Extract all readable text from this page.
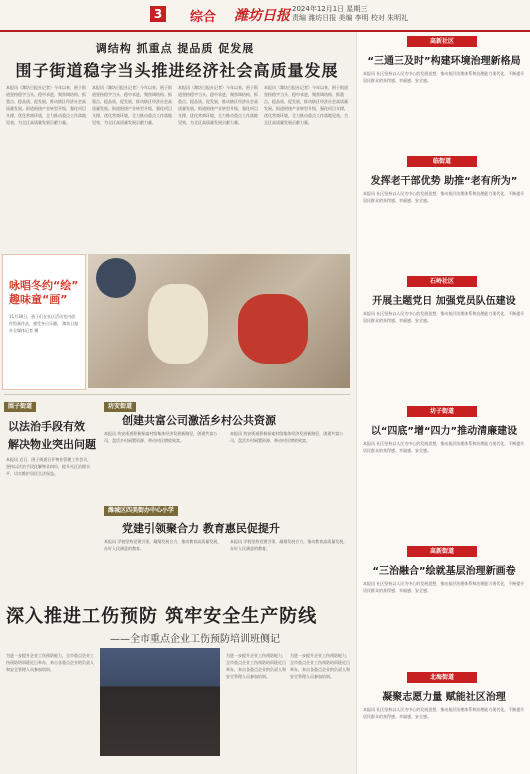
3 综合 潍坊日报 2024年12月1日 星期三
责编 潍坊日报 美编 李明 校对 朱明礼
调结构 抓重点 提品质 促发展
围子街道稳字当头推进经济社会高质量发展
本报讯（潍坊日报社记者）今年以来，围子街道坚持稳字当头、稳中求进，聚焦调结构、抓重点、提品质、促发展，推动辖区经济社会高质量发展。街道围绕产业转型升级，强化项目支撑，优化营商环境，全力推动重点工作落地见效，为全区高质量发展贡献力量。
本报讯（潍坊日报社记者）今年以来，围子街道坚持稳字当头、稳中求进，聚焦调结构、抓重点、提品质、促发展，推动辖区经济社会高质量发展。街道围绕产业转型升级，强化项目支撑，优化营商环境，全力推动重点工作落地见效，为全区高质量发展贡献力量。
本报讯（潍坊日报社记者）今年以来，围子街道坚持稳字当头、稳中求进，聚焦调结构、抓重点、提品质、促发展，推动辖区经济社会高质量发展。街道围绕产业转型升级，强化项目支撑，优化营商环境，全力推动重点工作落地见效，为全区高质量发展贡献力量。
本报讯（潍坊日报社记者）今年以来，围子街道坚持稳字当头、稳中求进，聚焦调结构、抓重点、提品质、促发展，推动辖区经济社会高质量发展。街道围绕产业转型升级，强化项目支撑，优化营商环境，全力推动重点工作落地见效，为全区高质量发展贡献力量。
咏唱冬约“绘”
趣味童“画”
11月30日，孩子们在社区活动室内创作绘画作品，感受冬日乐趣。 潍坊日报社全媒体记者 摄
围子街道
以法治手段有效
解决物业突出问题
本报讯 近日，围子街道召开物业管理工作会议，坚持以法治手段化解物业纠纷，提升社区治理水平，切实维护居民合法权益。
坊安街道
创建共富公司激活乡村公共资源
本报讯 坊安街道积极探索村级集体经济发展新路径，创建共富公司，盘活乡村闲置资源，带动村民增收致富。
本报讯 坊安街道积极探索村级集体经济发展新路径，创建共富公司，盘活乡村闲置资源，带动村民增收致富。
潍城区四美街办中心小学
党建引领聚合力 教育惠民促提升
本报讯 学校坚持党建引领，凝聚发展合力，推动教育高质量发展，办好人民满意的教育。
本报讯 学校坚持党建引领，凝聚发展合力，推动教育高质量发展，办好人民满意的教育。
深入推进工伤预防 筑牢安全生产防线
——全市重点企业工伤预防培训班侧记
为进一步提升企业工伤预防能力，全市重点企业工伤预防培训班近日举办，来自各重点企业的负责人和安全管理人员参加培训。
为进一步提升企业工伤预防能力，全市重点企业工伤预防培训班近日举办，来自各重点企业的负责人和安全管理人员参加培训。
为进一步提升企业工伤预防能力，全市重点企业工伤预防培训班近日举办，来自各重点企业的负责人和安全管理人员参加培训。
高新社区
“三通三及时”构建环境治理新格局
本报讯 社区坚持以人民为中心的发展思想，推动基层治理体系和治理能力现代化，不断提升居民群众的获得感、幸福感、安全感。
临街道
发挥老干部优势 助推“老有所为”
本报讯 社区坚持以人民为中心的发展思想，推动基层治理体系和治理能力现代化，不断提升居民群众的获得感、幸福感、安全感。
石岭社区
开展主题党日 加强党员队伍建设
本报讯 社区坚持以人民为中心的发展思想，推动基层治理体系和治理能力现代化，不断提升居民群众的获得感、幸福感、安全感。
坊子街道
以“四底”增“四力”推动清廉建设
本报讯 社区坚持以人民为中心的发展思想，推动基层治理体系和治理能力现代化，不断提升居民群众的获得感、幸福感、安全感。
高新街道
“三治融合”绘就基层治理新画卷
本报讯 社区坚持以人民为中心的发展思想，推动基层治理体系和治理能力现代化，不断提升居民群众的获得感、幸福感、安全感。
北海街道
凝聚志愿力量 赋能社区治理
本报讯 社区坚持以人民为中心的发展思想，推动基层治理体系和治理能力现代化，不断提升居民群众的获得感、幸福感、安全感。
